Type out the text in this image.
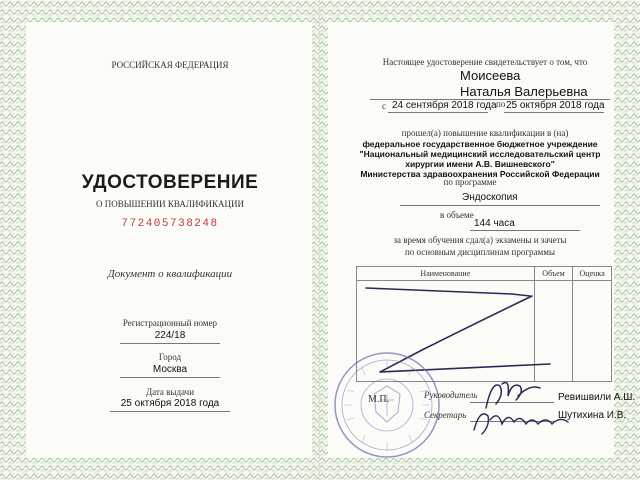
РОССИЙСКАЯ ФЕДЕРАЦИЯ
УДОСТОВЕРЕНИЕ
О ПОВЫШЕНИИ КВАЛИФИКАЦИИ
772405738248
Документ о квалификации
Регистрационный номер
224/18
Город
Москва
Дата выдачи
25 октября 2018 года
Настоящее удостоверение свидетельствует о том, что
Моисеева
Наталья Валерьевна
с 24 сентября 2018 года по 25 октября 2018 года
прошел(а) повышение квалификации в (на)
федеральное государственное бюджетное учреждение
"Национальный медицинский исследовательский центр
хирургии имени А.В. Вишневского"
Министерства здравоохранения Российской Федерации
по программе
Эндоскопия
в объеме
144 часа
за время обучения сдал(а) экзамены и зачеты
по основным дисциплинам программы
Наименование	Объем	Оценка

М.П.	Руководитель	Ревишвили А.Ш.
Секретарь	Шутихина И.В.
